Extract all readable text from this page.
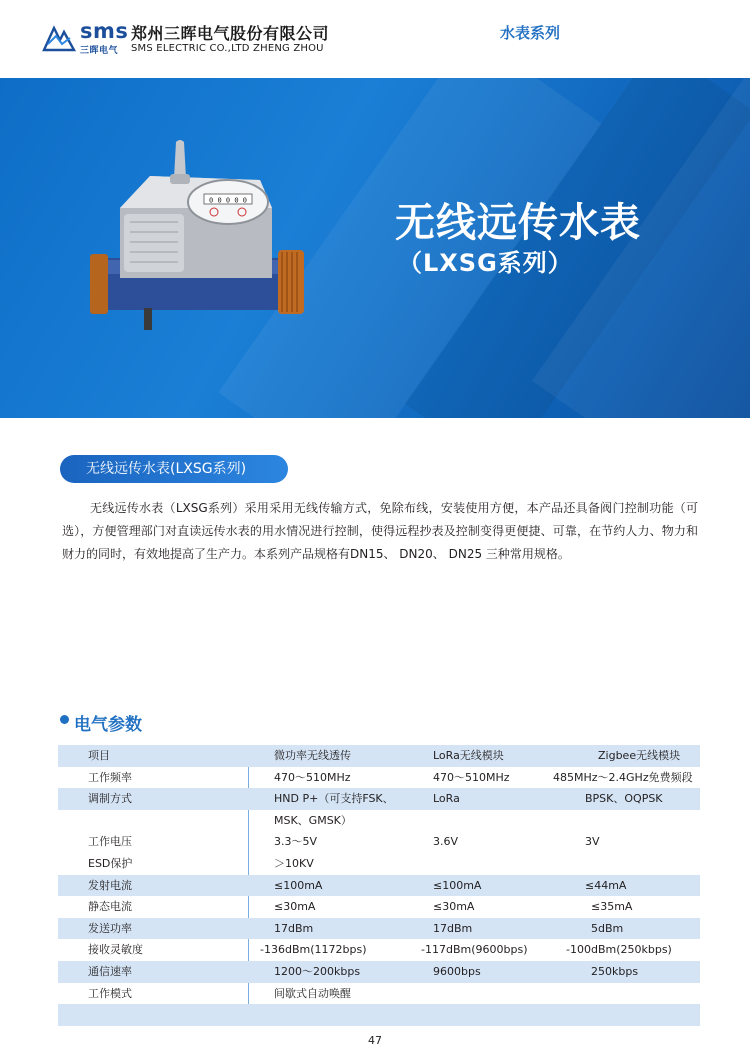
sms
三晖电气
郑州三晖电气股份有限公司
SMS ELECTRIC CO.,LTD ZHENG ZHOU
水表系列
0 0 0 0 0	无线远传水表
（LXSG系列）
无线远传水表(LXSG系列)

无线远传水表（LXSG系列）采用采用无线传输方式，免除布线，安装使用方便，本产品还具备阀门控制功能（可选），方便管理部门对直读远传水表的用水情况进行控制，使得远程抄表及控制变得更便捷、可靠，在节约人力、物力和财力的同时，有效地提高了生产力。本系列产品规格有DN15、 DN20、 DN25 三种常用规格。

电气参数
项目	微功率无线透传	LoRa无线模块	Zigbee无线模块
工作频率	470～510MHz	470～510MHz	485MHz～2.4GHz免费频段
调制方式	HND P+（可支持FSK、	LoRa	BPSK、OQPSK
MSK、GMSK）
工作电压	3.3～5V	3.6V	3V
ESD保护	＞10KV
发射电流	≤100mA	≤100mA	≤44mA
静态电流	≤30mA	≤30mA	≤35mA
发送功率	17dBm	17dBm	5dBm
接收灵敏度	-136dBm(1172bps)	-117dBm(9600bps)	-100dBm(250kbps)
通信速率	1200～200kbps	9600bps	250kbps
工作模式	间歇式自动唤醒
47
